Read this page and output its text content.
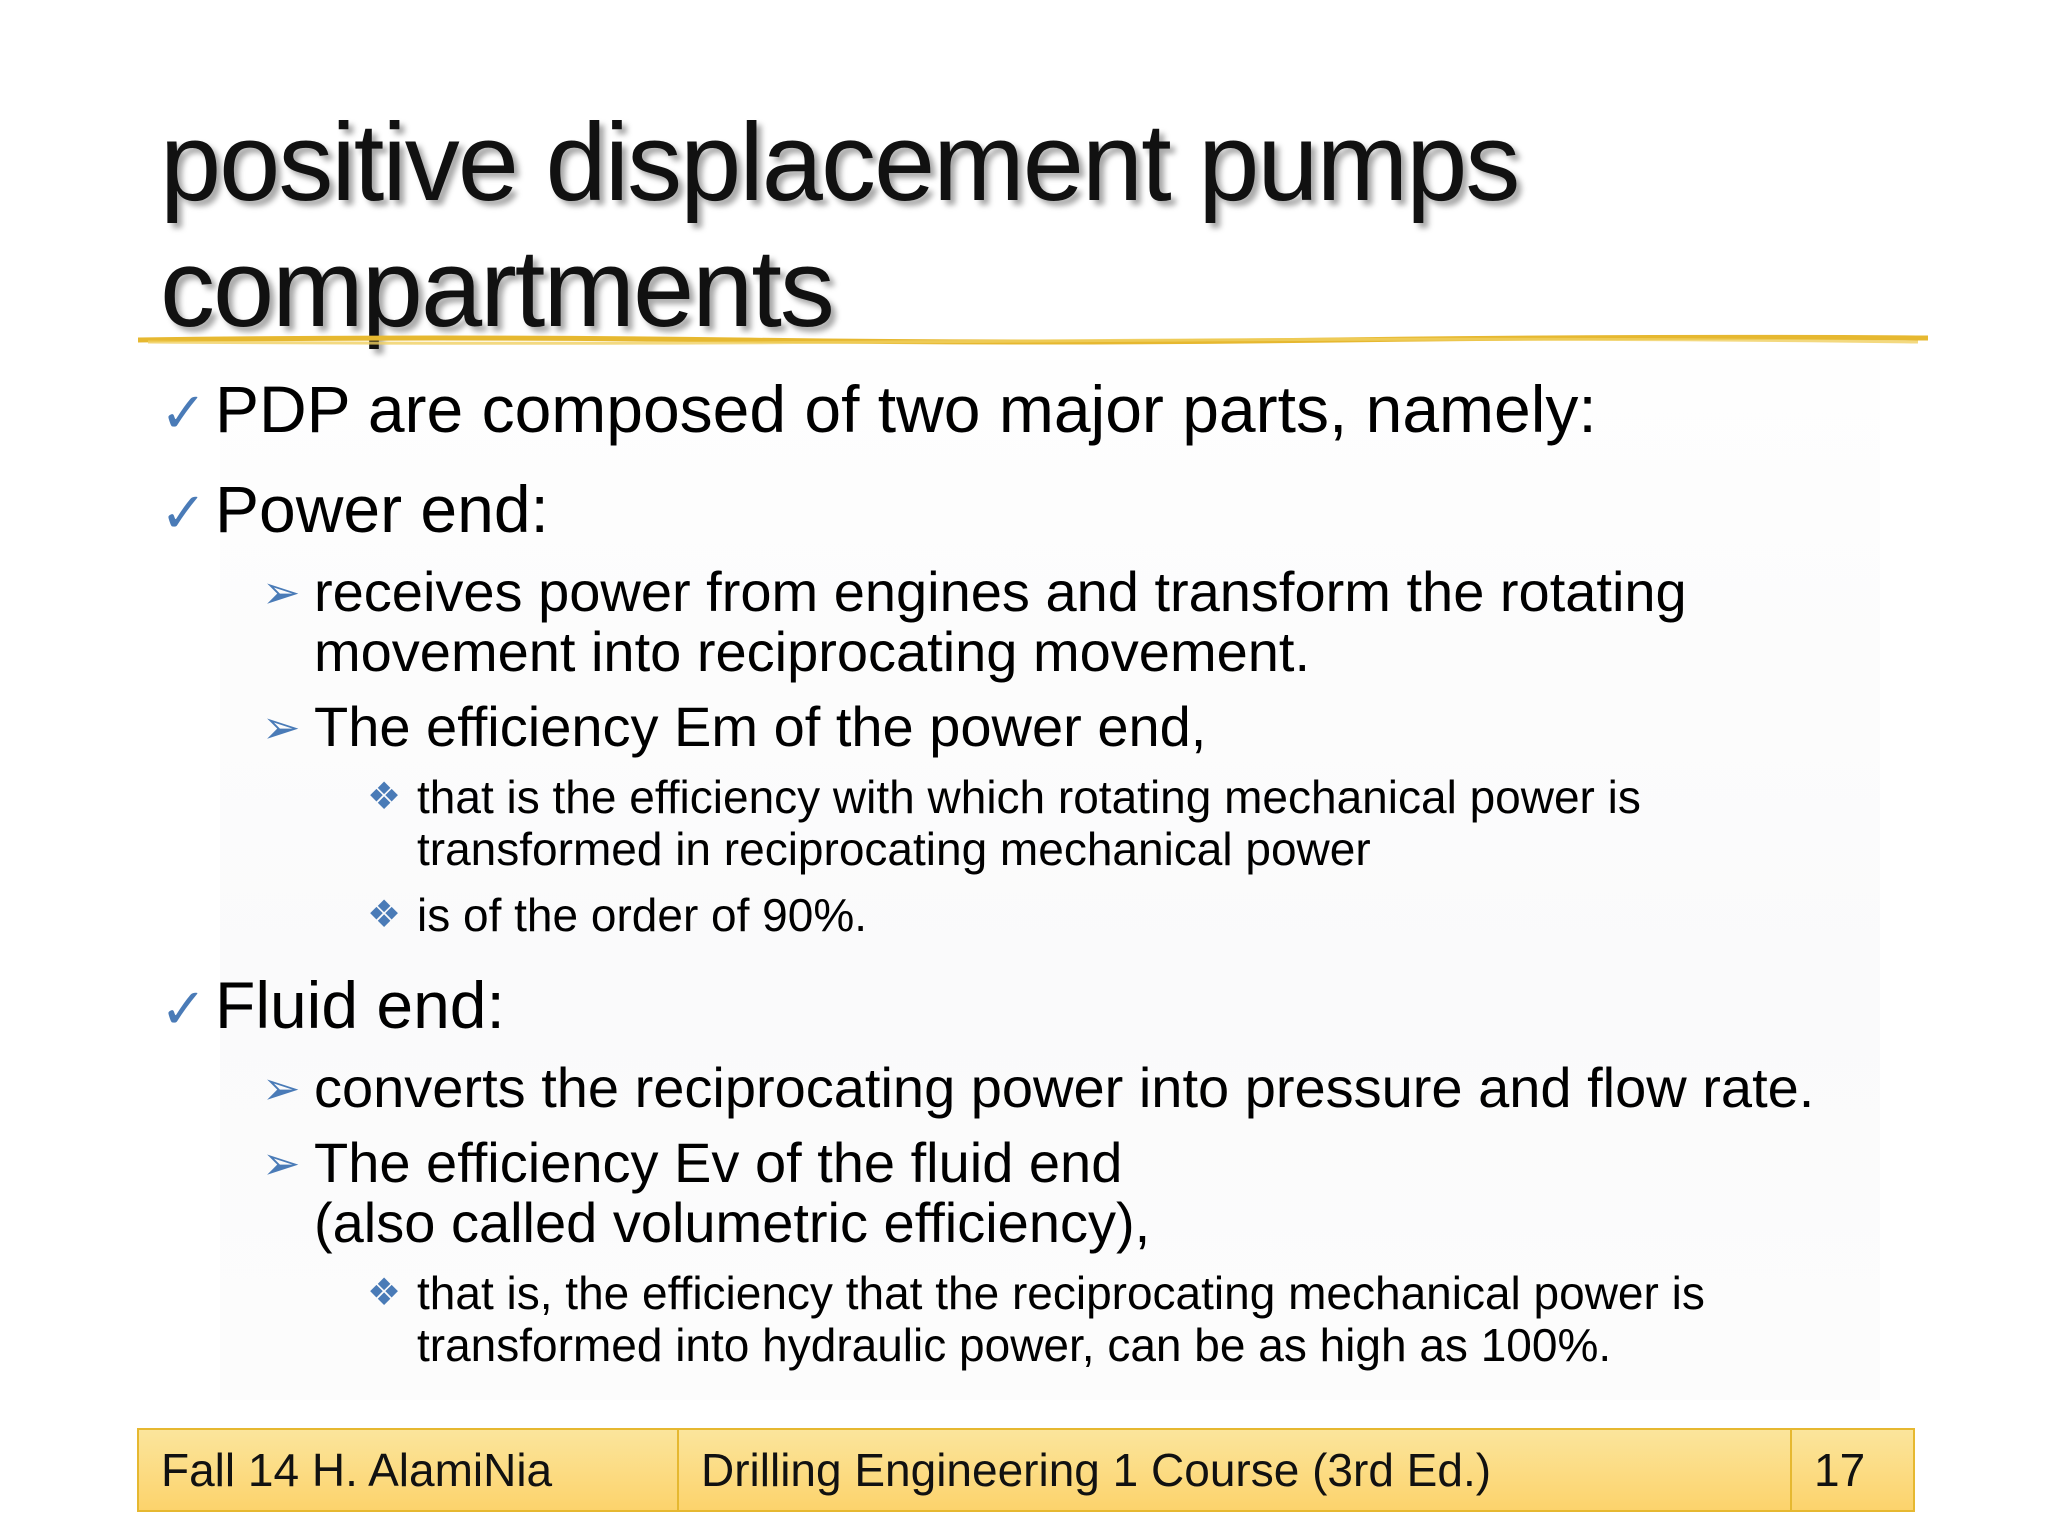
positive displacement pumps
compartments
✓ PDP are composed of two major parts, namely:
✓ Power end:
➢ receives power from engines and transform the rotating
movement into reciprocating movement.
➢ The efficiency Em of the power end,
❖ that is the efficiency with which rotating mechanical power is
transformed in reciprocating mechanical power
❖ is of the order of 90%.
✓ Fluid end:
➢ converts the reciprocating power into pressure and flow rate.
➢ The efficiency Ev of the fluid end
(also called volumetric efficiency),
❖ that is, the efficiency that the reciprocating mechanical power is
transformed into hydraulic power, can be as high as 100%.
Fall 14 H. AlamiNia	Drilling Engineering 1 Course (3rd Ed.)	17
